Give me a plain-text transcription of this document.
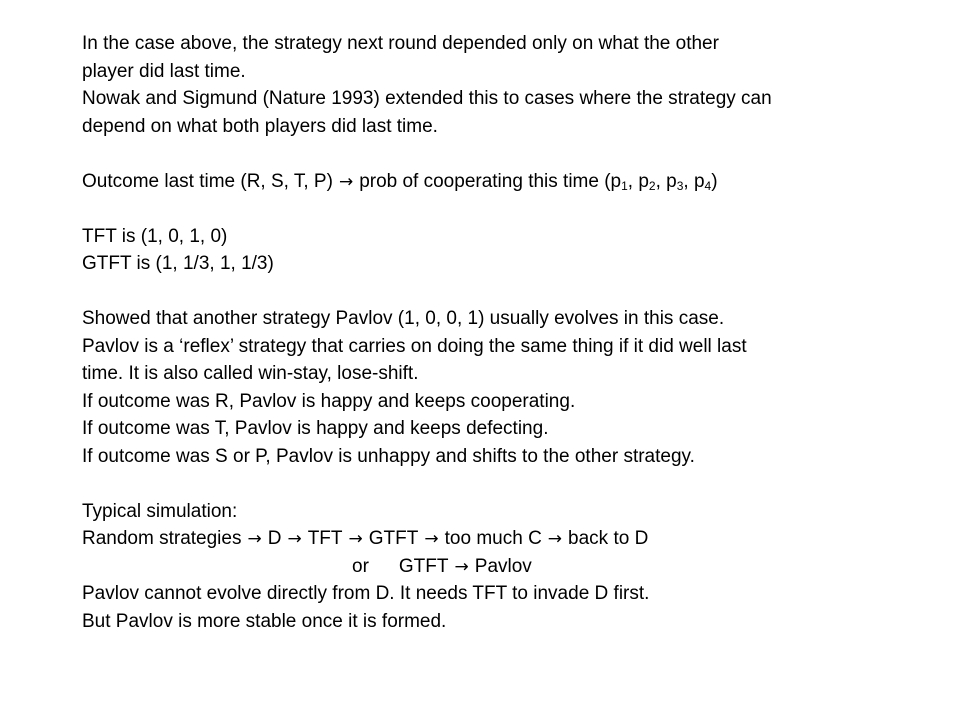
In the case above, the strategy next round depended only on what the other
player did last time.
Nowak and Sigmund (Nature 1993) extended this to cases where the strategy can
depend on what both players did last time.
Outcome last time (R, S, T, P) → prob of cooperating this time ($p_1$, $p_2$, $p_3$, $p_4$)
TFT is (1, 0, 1, 0)
GTFT is (1, 1/3, 1, 1/3)
Showed that another strategy Pavlov (1, 0, 0, 1) usually evolves in this case.
Pavlov is a ‘reflex’ strategy that carries on doing the same thing if it did well last
time. It is also called win-stay, lose-shift.
If outcome was R, Pavlov is happy and keeps cooperating.
If outcome was T, Pavlov is happy and keeps defecting.
If outcome was S or P, Pavlov is unhappy and shifts to the other strategy.
Typical simulation:
Random strategies → D → TFT → GTFT → too much C → back to D
or GTFT → Pavlov
Pavlov cannot evolve directly from D. It needs TFT to invade D first.
But Pavlov is more stable once it is formed.
